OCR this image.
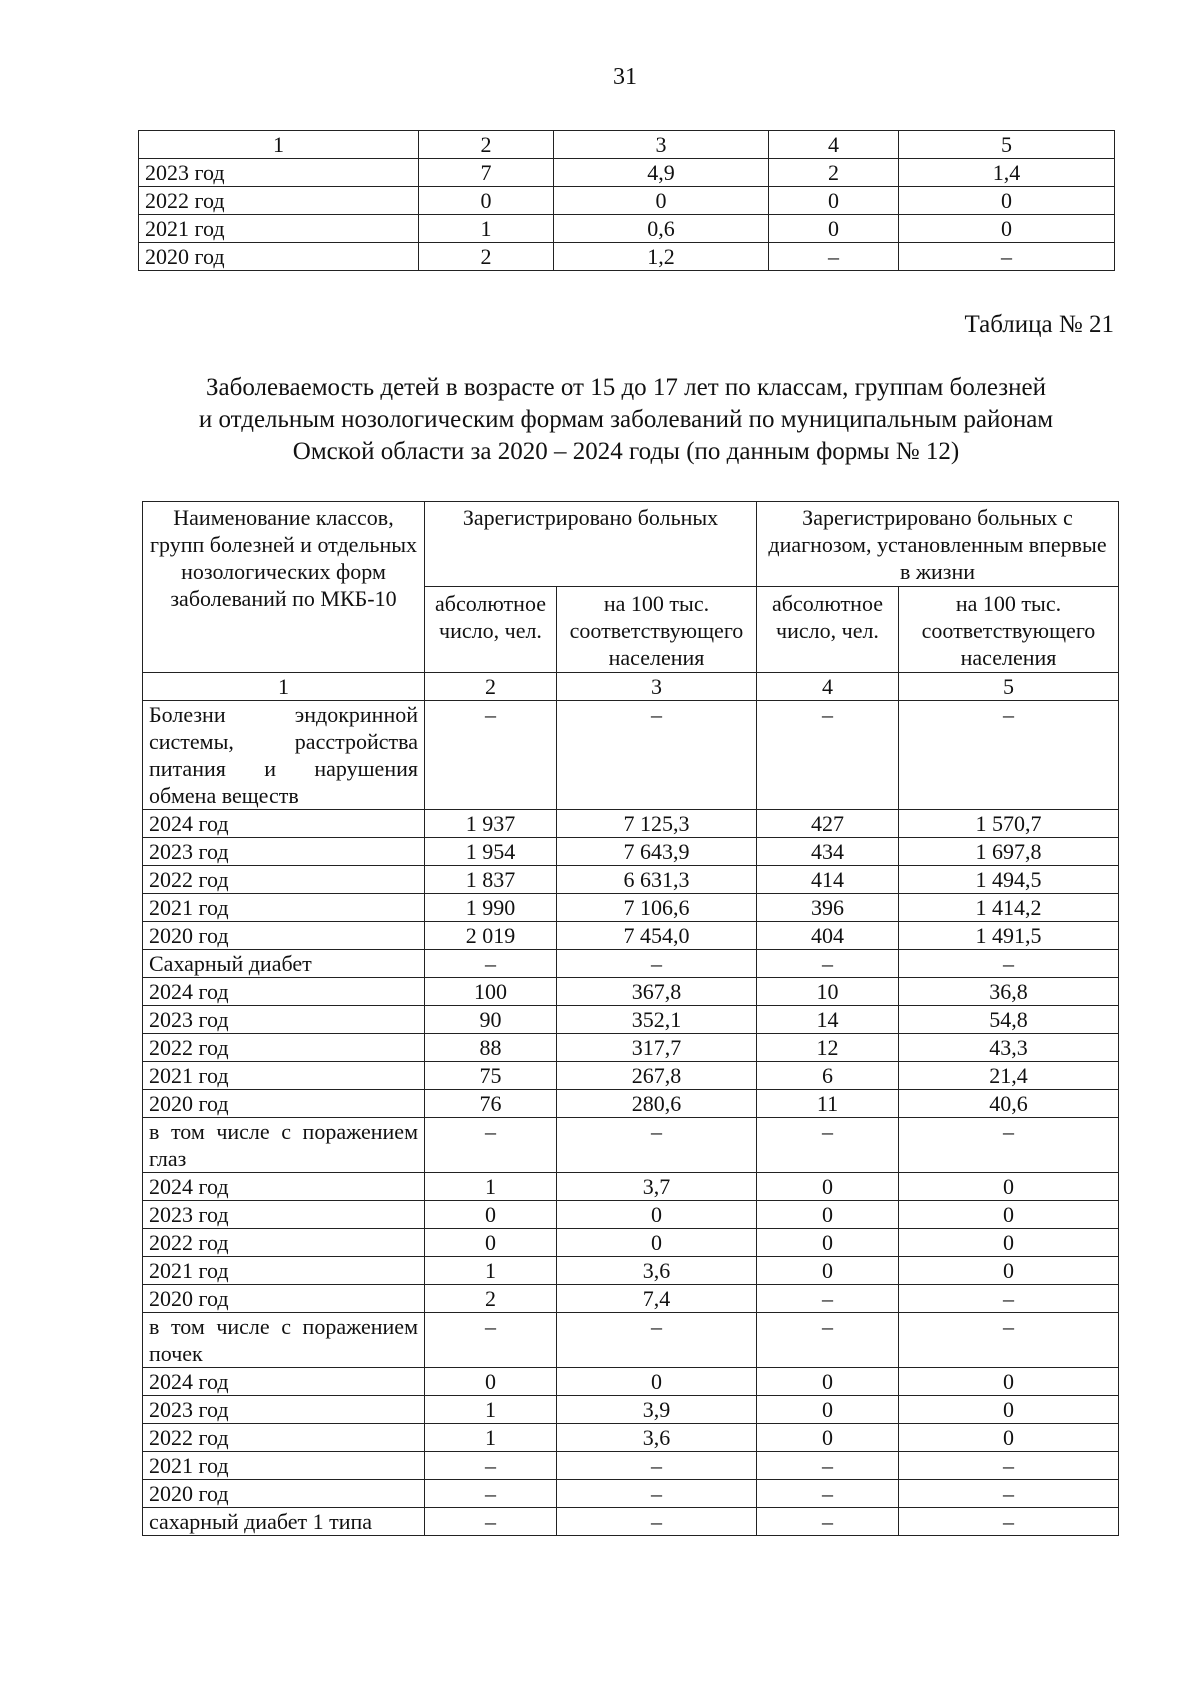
31
1	2	3	4	5
2023 год	7	4,9	2	1,4
2022 год	0	0	0	0
2021 год	1	0,6	0	0
2020 год	2	1,2	–	–
Таблица № 21
Заболеваемость детей в возрасте от 15 до 17 лет по классам, группам болезней
и отдельным нозологическим формам заболеваний по муниципальным районам
Омской области за 2020 – 2024 годы (по данным формы № 12)
Наименование классов, групп болезней и отдельных нозологических форм заболеваний по МКБ-10	Зарегистрировано больных		Зарегистрировано больных с диагнозом, установленным впервые в жизни	
	абсолютное число, чел.	на 100 тыс. соответствующего населения	абсолютное число, чел.	на 100 тыс. соответствующего населения
1	2	3	4	5
Болезни эндокринной системы, расстройства питания и нарушения обмена веществ	–	–	–	–
2024 год	1 937	7 125,3	427	1 570,7
2023 год	1 954	7 643,9	434	1 697,8
2022 год	1 837	6 631,3	414	1 494,5
2021 год	1 990	7 106,6	396	1 414,2
2020 год	2 019	7 454,0	404	1 491,5
Сахарный диабет	–	–	–	–
2024 год	100	367,8	10	36,8
2023 год	90	352,1	14	54,8
2022 год	88	317,7	12	43,3
2021 год	75	267,8	6	21,4
2020 год	76	280,6	11	40,6
в том числе с поражением глаз	–	–	–	–
2024 год	1	3,7	0	0
2023 год	0	0	0	0
2022 год	0	0	0	0
2021 год	1	3,6	0	0
2020 год	2	7,4	–	–
в том числе с поражением почек	–	–	–	–
2024 год	0	0	0	0
2023 год	1	3,9	0	0
2022 год	1	3,6	0	0
2021 год	–	–	–	–
2020 год	–	–	–	–
сахарный диабет 1 типа	–	–	–	–
